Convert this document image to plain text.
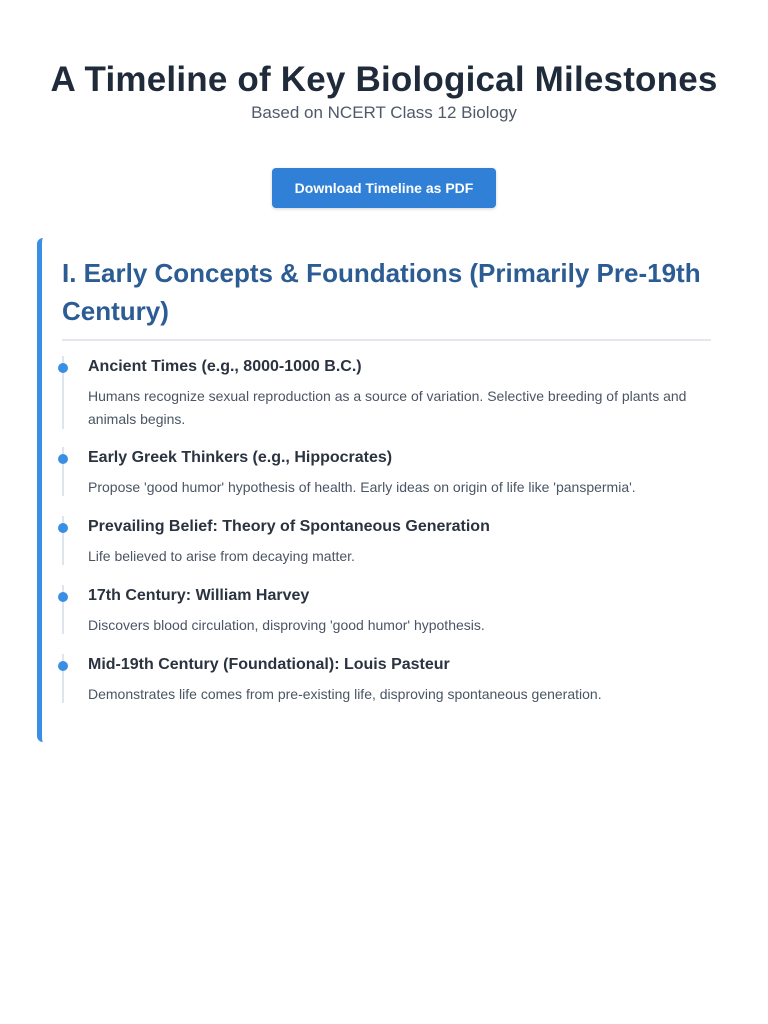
A Timeline of Key Biological Milestones

Based on NCERT Class 12 Biology

Download Timeline as PDF
I. Early Concepts & Foundations (Primarily Pre-19th Century)
Ancient Times (e.g., 8000-1000 B.C.)

Humans recognize sexual reproduction as a source of variation. Selective breeding of plants and animals begins.

Early Greek Thinkers (e.g., Hippocrates)

Propose 'good humor' hypothesis of health. Early ideas on origin of life like 'panspermia'.

Prevailing Belief: Theory of Spontaneous Generation

Life believed to arise from decaying matter.

17th Century: William Harvey

Discovers blood circulation, disproving 'good humor' hypothesis.

Mid-19th Century (Foundational): Louis Pasteur

Demonstrates life comes from pre-existing life, disproving spontaneous generation.
